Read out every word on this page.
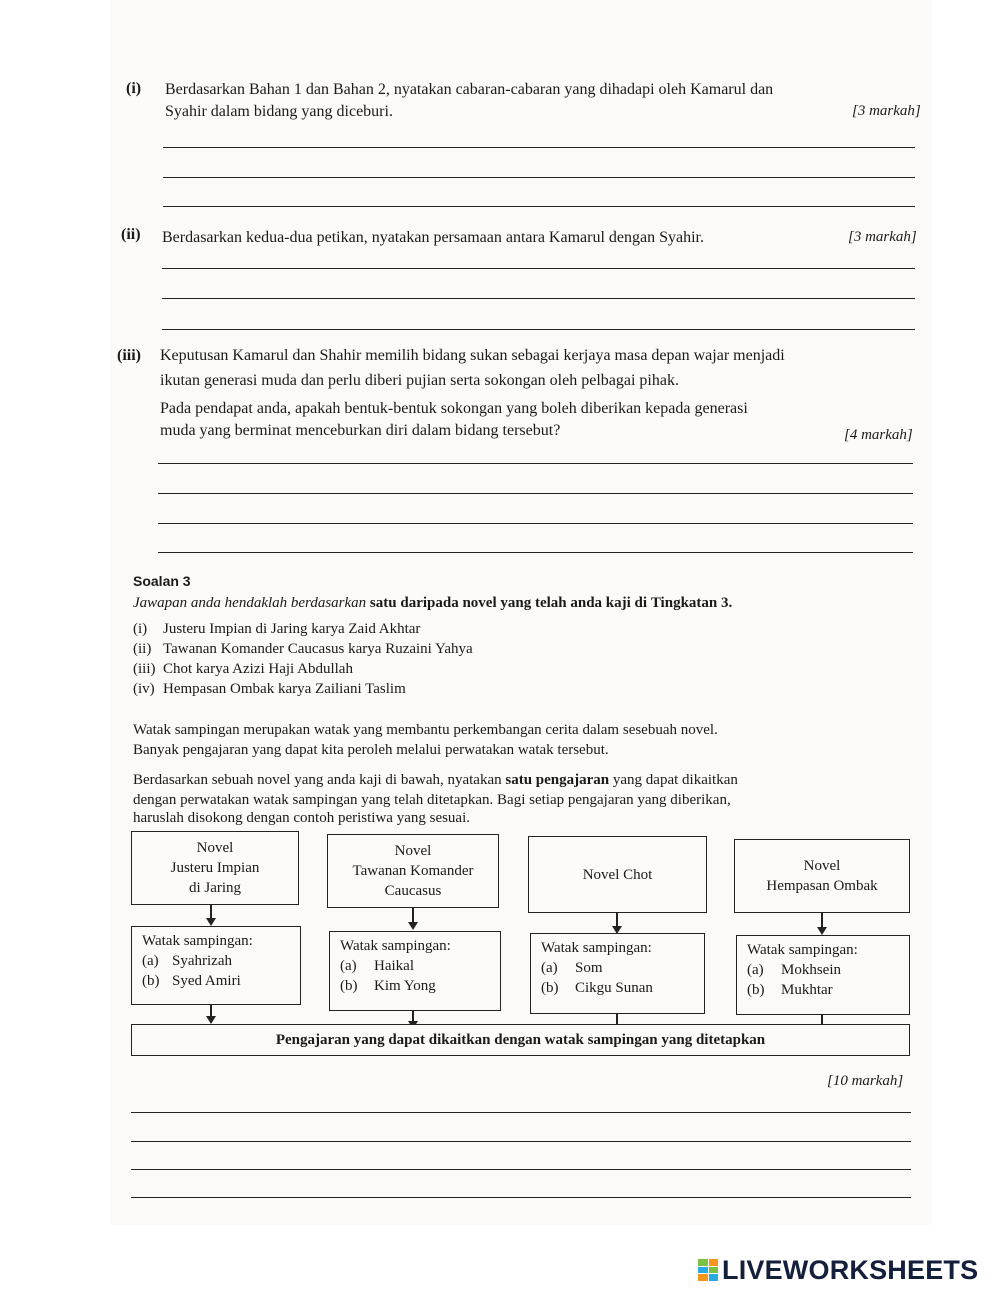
(i) Berdasarkan Bahan 1 dan Bahan 2, nyatakan cabaran-cabaran yang dihadapi oleh Kamarul dan
Syahir dalam bidang yang diceburi.	[3 markah]
(ii) Berdasarkan kedua-dua petikan, nyatakan persamaan antara Kamarul dengan Syahir.	[3 markah]
(iii) Keputusan Kamarul dan Shahir memilih bidang sukan sebagai kerjaya masa depan wajar menjadi
ikutan generasi muda dan perlu diberi pujian serta sokongan oleh pelbagai pihak.
Pada pendapat anda, apakah bentuk-bentuk sokongan yang boleh diberikan kepada generasi
muda yang berminat menceburkan diri dalam bidang tersebut?	[4 markah]
Soalan 3
Jawapan anda hendaklah berdasarkan satu daripada novel yang telah anda kaji di Tingkatan 3.
(i) Justeru Impian di Jaring karya Zaid Akhtar
(ii) Tawanan Komander Caucasus karya Ruzaini Yahya
(iii) Chot karya Azizi Haji Abdullah
(iv) Hempasan Ombak karya Zailiani Taslim
Watak sampingan merupakan watak yang membantu perkembangan cerita dalam sesebuah novel.
Banyak pengajaran yang dapat kita peroleh melalui perwatakan watak tersebut.
Berdasarkan sebuah novel yang anda kaji di bawah, nyatakan satu pengajaran yang dapat dikaitkan
dengan perwatakan watak sampingan yang telah ditetapkan. Bagi setiap pengajaran yang diberikan,
haruslah disokong dengan contoh peristiwa yang sesuai.
Novel
Justeru Impian
di Jaring
Novel
Tawanan Komander
Caucasus
Novel Chot
Novel
Hempasan Ombak
Watak sampingan:
(a) Syahrizah
(b) Syed Amiri
Watak sampingan:
(a) Haikal
(b) Kim Yong
Watak sampingan:
(a) Som
(b) Cikgu Sunan
Watak sampingan:
(a) Mokhsein
(b) Mukhtar
Pengajaran yang dapat dikaitkan dengan watak sampingan yang ditetapkan
[10 markah]
LIVEWORKSHEETS
